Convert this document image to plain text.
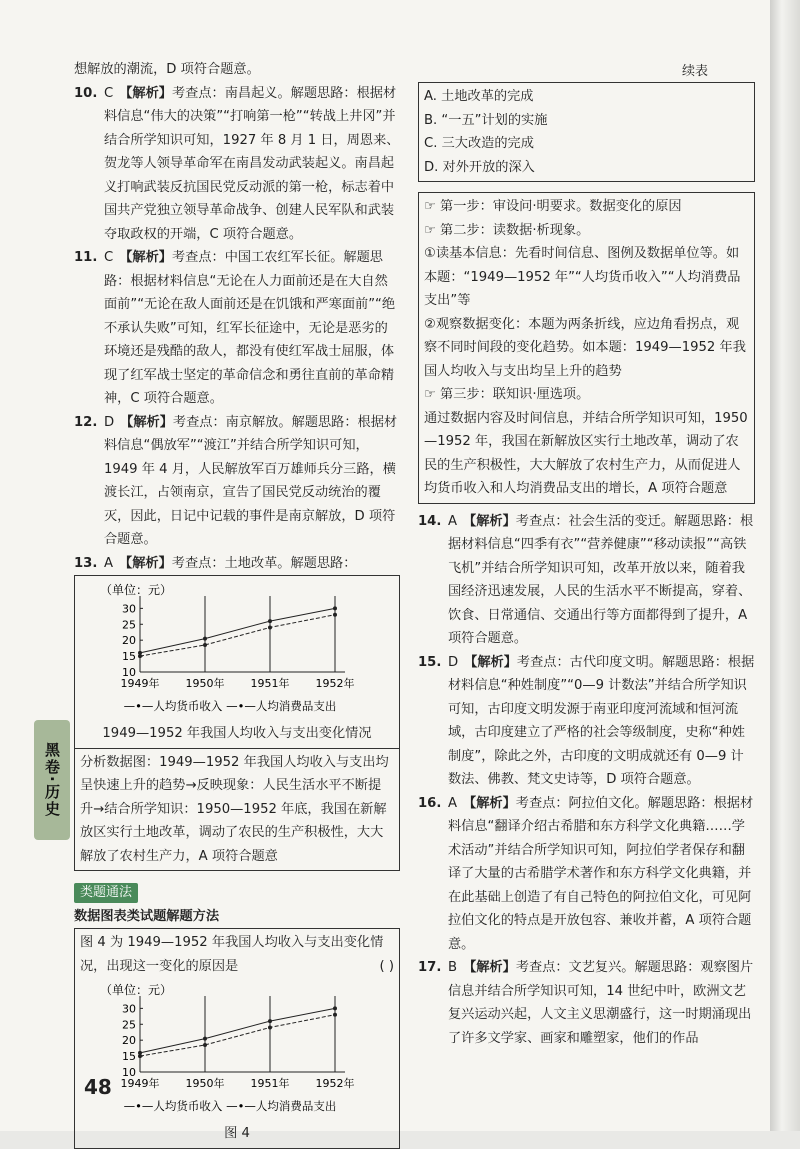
续表
黑卷·历史

想解放的潮流，D 项符合题意。

10. C 【解析】考查点：南昌起义。解题思路：根据材料信息“伟大的决策”“打响第一枪”“转战上井冈”并结合所学知识可知，1927 年 8 月 1 日，周恩来、贺龙等人领导革命军在南昌发动武装起义。南昌起义打响武装反抗国民党反动派的第一枪，标志着中国共产党独立领导革命战争、创建人民军队和武装夺取政权的开端，C 项符合题意。
11. C 【解析】考查点：中国工农红军长征。解题思路：根据材料信息“无论在人力面前还是在大自然面前”“无论在敌人面前还是在饥饿和严寒面前”“绝不承认失败”可知，红军长征途中，无论是恶劣的环境还是残酷的敌人，都没有使红军战士屈服，体现了红军战士坚定的革命信念和勇往直前的革命精神，C 项符合题意。
12. D 【解析】考查点：南京解放。解题思路：根据材料信息“偶放军”“渡江”并结合所学知识可知，1949 年 4 月，人民解放军百万雄师兵分三路，横渡长江，占领南京，宣告了国民党反动统治的覆灭，因此，日记中记载的事件是南京解放，D 项符合题意。
13. A 【解析】考查点：土地改革。解题思路：
（单位：元）
10
15
20
25
30
1949年 1950年 1951年 1952年
—•—人均货币收入 —•—人均消费品支出
1949—1952 年我国人均收入与支出变化情况
分析数据图：1949—1952 年我国人均收入与支出均呈快速上升的趋势→反映现象：人民生活水平不断提升→结合所学知识：1950—1952 年底，我国在新解放区实行土地改革，调动了农民的生产积极性，大大解放了农村生产力，A 项符合题意
类题通法

数据图表类试题解题方法

图 4 为 1949—1952 年我国人均收入与支出变化情况，出现这一变化的原因是	( )
（单位：元）
10
15
20
25
30
1949年 1950年 1951年 1952年
—•—人均货币收入 —•—人均消费品支出
图 4

A. 土地改革的完成

B. “一五”计划的实施

C. 三大改造的完成

D. 对外开放的深入

☞ 第一步：审设问·明要求。数据变化的原因

☞ 第二步：读数据·析现象。

①读基本信息：先看时间信息、图例及数据单位等。如本题：“1949—1952 年”“人均货币收入”“人均消费品支出”等

②观察数据变化：本题为两条折线，应边角看拐点，观察不同时间段的变化趋势。如本题：1949—1952 年我国人均收入与支出均呈上升的趋势

☞ 第三步：联知识·厘选项。

通过数据内容及时间信息，并结合所学知识可知，1950—1952 年，我国在新解放区实行土地改革，调动了农民的生产积极性，大大解放了农村生产力，从而促进人均货币收入和人均消费品支出的增长，A 项符合题意

14. A 【解析】考查点：社会生活的变迁。解题思路：根据材料信息“四季有衣”“营养健康”“移动读报”“高铁飞机”并结合所学知识可知，改革开放以来，随着我国经济迅速发展，人民的生活水平不断提高，穿着、饮食、日常通信、交通出行等方面都得到了提升，A 项符合题意。
15. D 【解析】考查点：古代印度文明。解题思路：根据材料信息“种姓制度”“0—9 计数法”并结合所学知识可知，古印度文明发源于南亚印度河流域和恒河流域，古印度建立了严格的社会等级制度，史称“种姓制度”，除此之外，古印度的文明成就还有 0—9 计数法、佛教、梵文史诗等，D 项符合题意。
16. A 【解析】考查点：阿拉伯文化。解题思路：根据材料信息“翻译介绍古希腊和东方科学文化典籍……学术活动”并结合所学知识可知，阿拉伯学者保存和翻译了大量的古希腊学术著作和东方科学文化典籍，并在此基础上创造了有自己特色的阿拉伯文化，可见阿拉伯文化的特点是开放包容、兼收并蓄，A 项符合题意。
17. B 【解析】考查点：文艺复兴。解题思路：观察图片信息并结合所学知识可知，14 世纪中叶，欧洲文艺复兴运动兴起，人文主义思潮盛行，这一时期涌现出了许多文学家、画家和雕塑家，他们的作品
48
